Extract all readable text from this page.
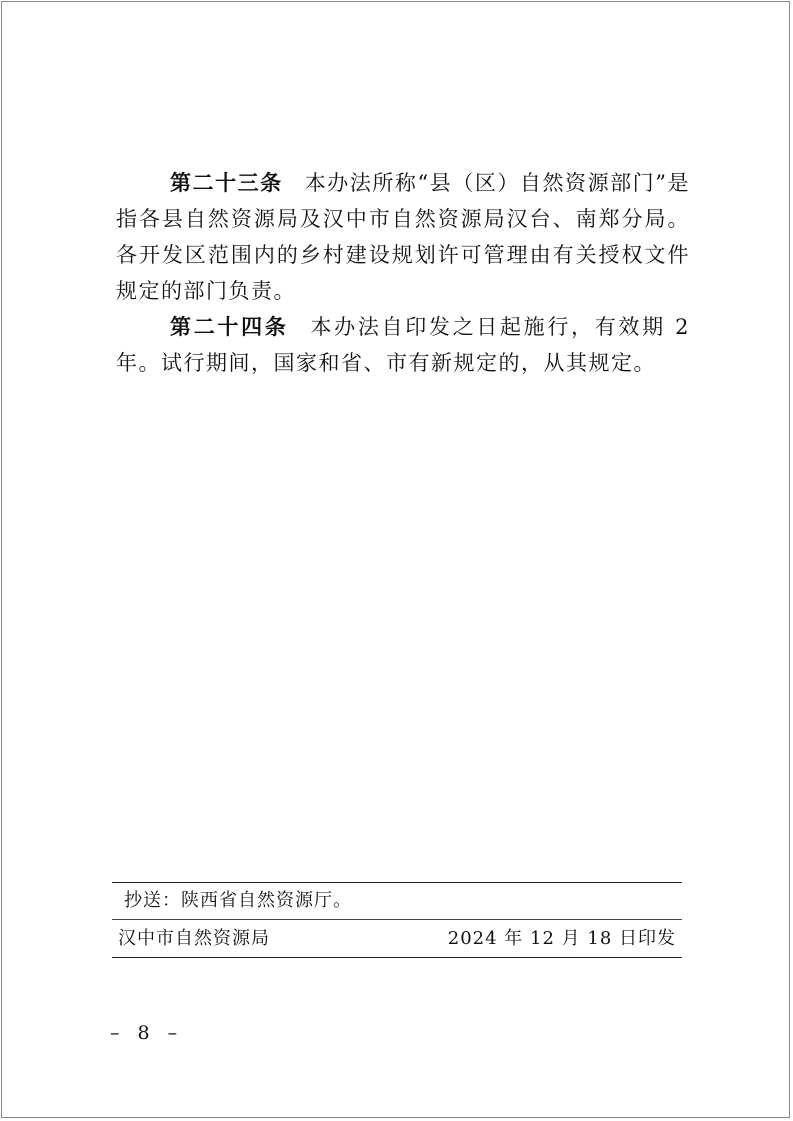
第二十三条 本办法所称“县（区）自然资源部门”是指各县自然资源局及汉中市自然资源局汉台、南郑分局。各开发区范围内的乡村建设规划许可管理由有关授权文件规定的部门负责。

第二十四条 本办法自印发之日起施行，有效期 2 年。试行期间，国家和省、市有新规定的，从其规定。

抄送：陕西省自然资源厅。
汉中市自然资源局	2024 年 12 月 18 日印发
– 8 –
